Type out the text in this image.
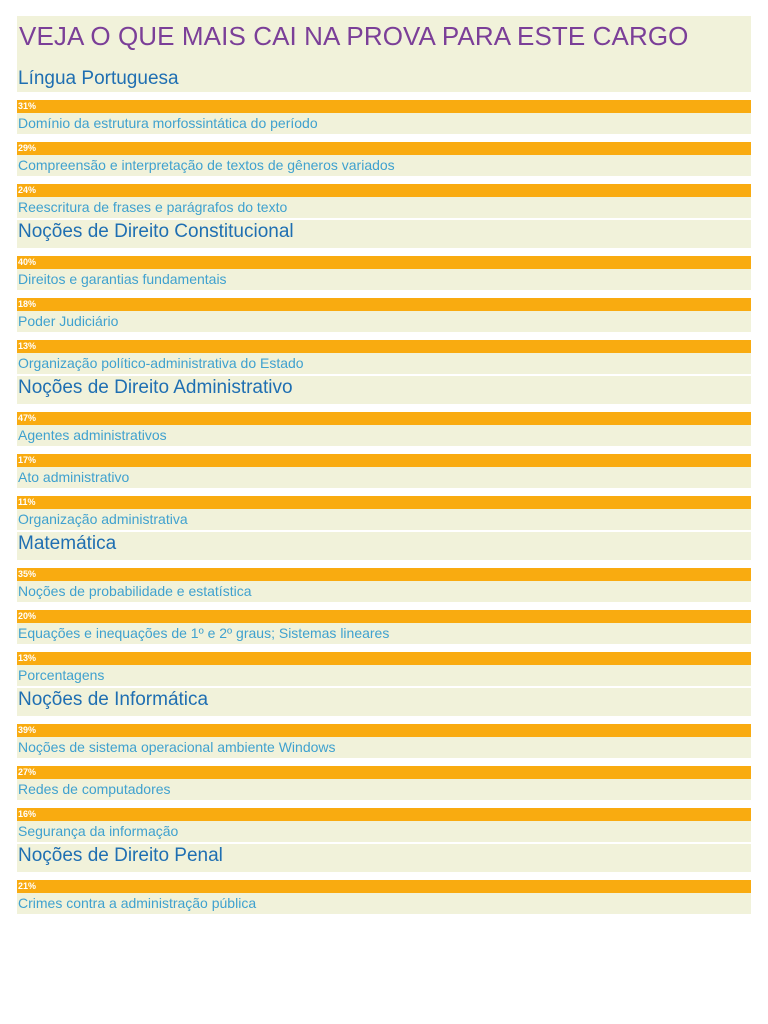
VEJA O QUE MAIS CAI NA PROVA PARA ESTE CARGO
Língua Portuguesa
31%
Domínio da estrutura morfossintática do período
29%
Compreensão e interpretação de textos de gêneros variados
24%
Reescritura de frases e parágrafos do texto
Noções de Direito Constitucional
40%
Direitos e garantias fundamentais
18%
Poder Judiciário
13%
Organização político-administrativa do Estado
Noções de Direito Administrativo
47%
Agentes administrativos
17%
Ato administrativo
11%
Organização administrativa
Matemática
35%
Noções de probabilidade e estatística
20%
Equações e inequações de 1º e 2º graus; Sistemas lineares
13%
Porcentagens
Noções de Informática
39%
Noções de sistema operacional ambiente Windows
27%
Redes de computadores
16%
Segurança da informação
Noções de Direito Penal
21%
Crimes contra a administração pública
